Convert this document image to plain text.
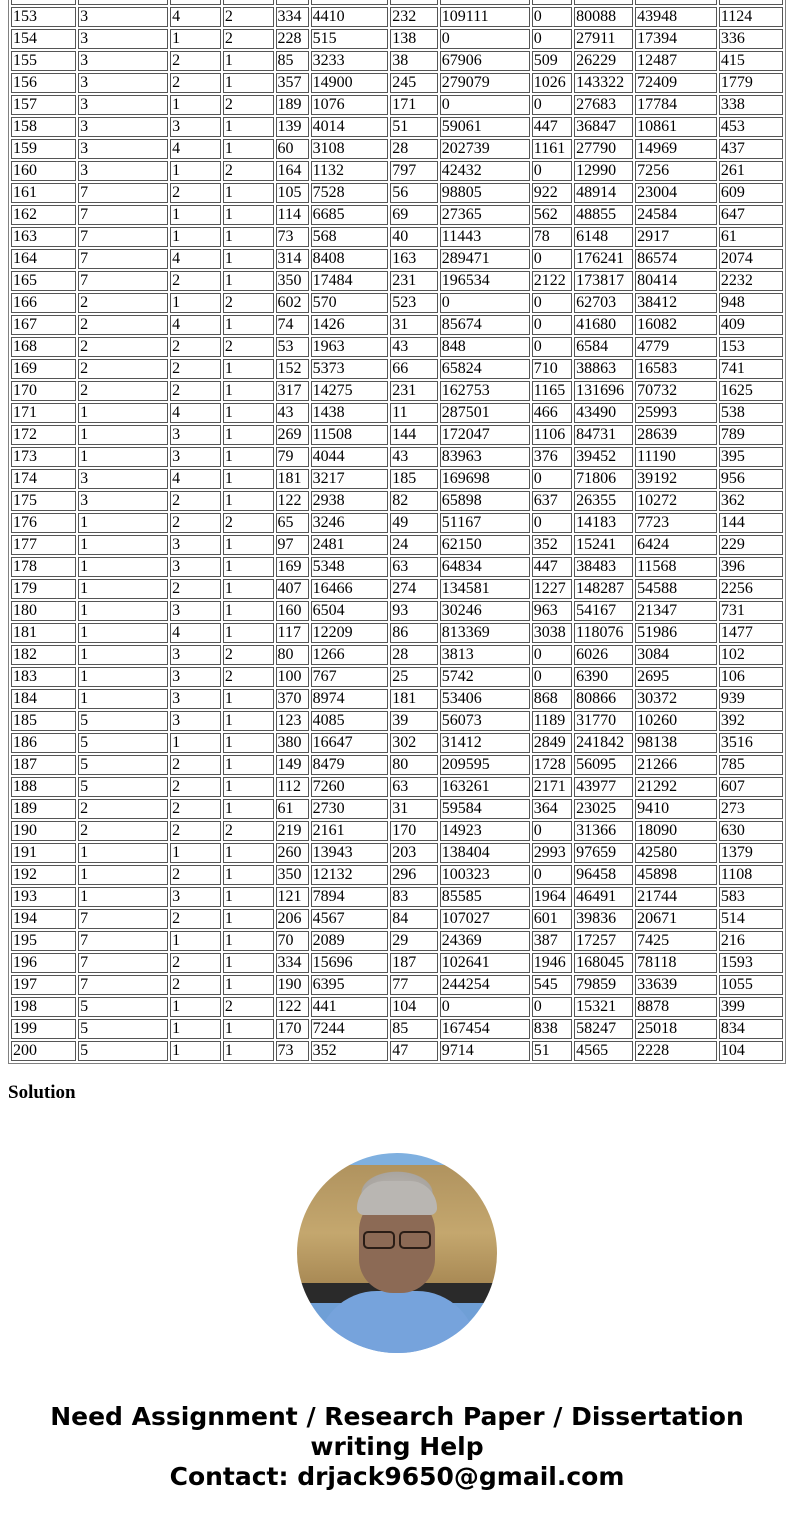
153	3	4	2	334	4410	232	109111	0	80088	43948	1124
154	3	1	2	228	515	138	0	0	27911	17394	336
155	3	2	1	85	3233	38	67906	509	26229	12487	415
156	3	2	1	357	14900	245	279079	1026	143322	72409	1779
157	3	1	2	189	1076	171	0	0	27683	17784	338
158	3	3	1	139	4014	51	59061	447	36847	10861	453
159	3	4	1	60	3108	28	202739	1161	27790	14969	437
160	3	1	2	164	1132	797	42432	0	12990	7256	261
161	7	2	1	105	7528	56	98805	922	48914	23004	609
162	7	1	1	114	6685	69	27365	562	48855	24584	647
163	7	1	1	73	568	40	11443	78	6148	2917	61
164	7	4	1	314	8408	163	289471	0	176241	86574	2074
165	7	2	1	350	17484	231	196534	2122	173817	80414	2232
166	2	1	2	602	570	523	0	0	62703	38412	948
167	2	4	1	74	1426	31	85674	0	41680	16082	409
168	2	2	2	53	1963	43	848	0	6584	4779	153
169	2	2	1	152	5373	66	65824	710	38863	16583	741
170	2	2	1	317	14275	231	162753	1165	131696	70732	1625
171	1	4	1	43	1438	11	287501	466	43490	25993	538
172	1	3	1	269	11508	144	172047	1106	84731	28639	789
173	1	3	1	79	4044	43	83963	376	39452	11190	395
174	3	4	1	181	3217	185	169698	0	71806	39192	956
175	3	2	1	122	2938	82	65898	637	26355	10272	362
176	1	2	2	65	3246	49	51167	0	14183	7723	144
177	1	3	1	97	2481	24	62150	352	15241	6424	229
178	1	3	1	169	5348	63	64834	447	38483	11568	396
179	1	2	1	407	16466	274	134581	1227	148287	54588	2256
180	1	3	1	160	6504	93	30246	963	54167	21347	731
181	1	4	1	117	12209	86	813369	3038	118076	51986	1477
182	1	3	2	80	1266	28	3813	0	6026	3084	102
183	1	3	2	100	767	25	5742	0	6390	2695	106
184	1	3	1	370	8974	181	53406	868	80866	30372	939
185	5	3	1	123	4085	39	56073	1189	31770	10260	392
186	5	1	1	380	16647	302	31412	2849	241842	98138	3516
187	5	2	1	149	8479	80	209595	1728	56095	21266	785
188	5	2	1	112	7260	63	163261	2171	43977	21292	607
189	2	2	1	61	2730	31	59584	364	23025	9410	273
190	2	2	2	219	2161	170	14923	0	31366	18090	630
191	1	1	1	260	13943	203	138404	2993	97659	42580	1379
192	1	2	1	350	12132	296	100323	0	96458	45898	1108
193	1	3	1	121	7894	83	85585	1964	46491	21744	583
194	7	2	1	206	4567	84	107027	601	39836	20671	514
195	7	1	1	70	2089	29	24369	387	17257	7425	216
196	7	2	1	334	15696	187	102641	1946	168045	78118	1593
197	7	2	1	190	6395	77	244254	545	79859	33639	1055
198	5	1	2	122	441	104	0	0	15321	8878	399
199	5	1	1	170	7244	85	167454	838	58247	25018	834
200	5	1	1	73	352	47	9714	51	4565	2228	104
Solution
Need Assignment / Research Paper / Dissertation
writing Help
Contact: drjack9650@gmail.com
